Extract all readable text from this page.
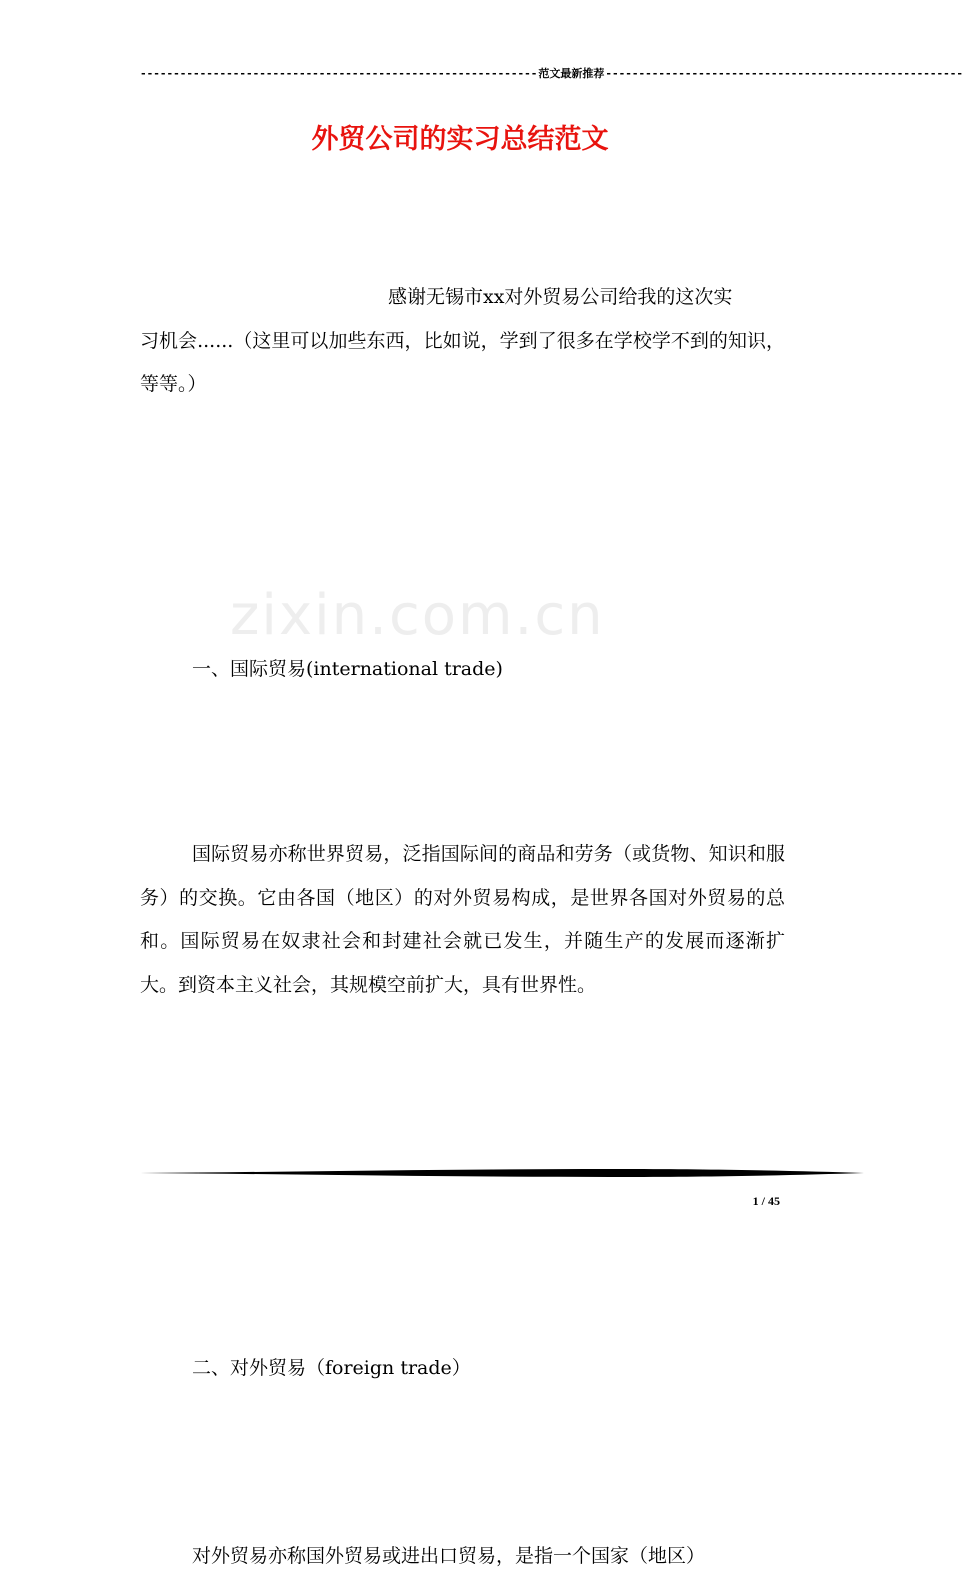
------------------------------------------------------------ 范文最新推荐 ------------------------------------------------------
zixin.com.cn
外贸公司的实习总结范文
感谢无锡市xx对外贸易公司给我的这次实
习机会......（这里可以加些东西，比如说，学到了很多在学校学不到的知识，等等。）
一、国际贸易(international trade)
国际贸易亦称世界贸易，泛指国际间的商品和劳务（或货物、知识和服务）的交换。它由各国（地区）的对外贸易构成，是世界各国对外贸易的总和。国际贸易在奴隶社会和封建社会就已发生，并随生产的发展而逐渐扩大。到资本主义社会，其规模空前扩大，具有世界性。
二、对外贸易（foreign trade）
对外贸易亦称国外贸易或进出口贸易，是指一个国家（地区）
1 / 45
